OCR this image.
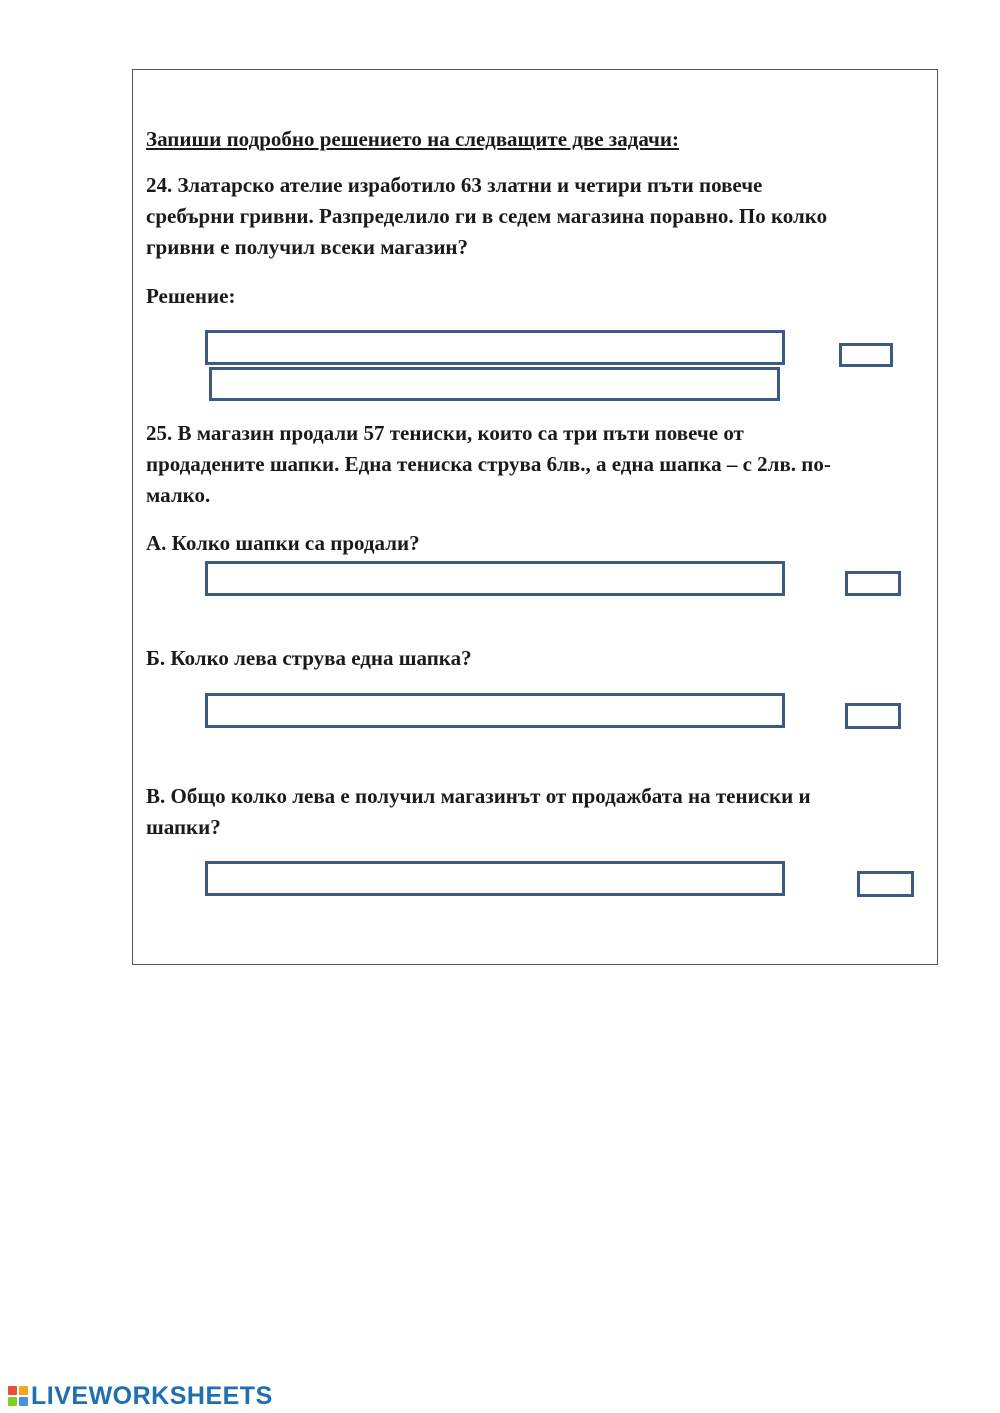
Запиши подробно решението на следващите две задачи:

24. Златарско ателие изработило 63 златни и четири пъти повече
сребърни гривни. Разпределило ги в седем магазина поравно. По колко
гривни е получил всеки магазин?

Решение:

25. В магазин продали 57 тениски, които са три пъти повече от
продадените шапки. Една тениска струва 6лв., а една шапка – с 2лв. по-
малко.

А. Колко шапки са продали?

Б. Колко лева струва една шапка?

В. Общо колко лева е получил магазинът от продажбата на тениски и
шапки?

LIVEWORKSHEETS
